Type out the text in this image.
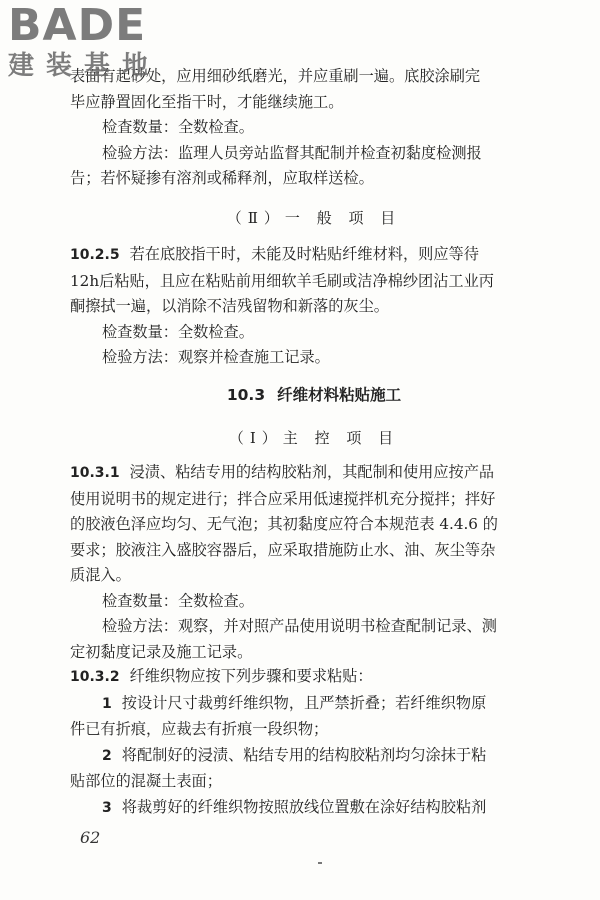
BADE
建装基地

表面有起砂处，应用细砂纸磨光，并应重刷一遍。底胶涂刷完

毕应静置固化至指干时，才能继续施工。

检査数量：全数检查。

检验方法：监理人员旁站监督其配制并检查初黏度检测报

告；若怀疑掺有溶剂或稀释剂，应取样送检。

（Ⅱ）一 般 项 目

10.2.5 若在底胶指干时，未能及时粘贴纤维材料，则应等待

12h后粘贴，且应在粘贴前用细软羊毛刷或洁净棉纱团沾工业丙

酮擦拭一遍，以消除不洁残留物和新落的灰尘。

检查数量：全数检查。

检验方法：观察并检查施工记录。

10.3 纤维材料粘贴施工
（Ⅰ）主 控 项 目

10.3.1 浸渍、粘结专用的结构胶粘剂，其配制和使用应按产品

使用说明书的规定进行；拌合应采用低速搅拌机充分搅拌；拌好

的胶液色泽应均匀、无气泡；其初黏度应符合本规范表 4.4.6 的

要求；胶液注入盛胶容器后，应采取措施防止水、油、灰尘等杂

质混入。

检查数量：全数检查。

检验方法：观察，并对照产品使用说明书检查配制记录、测

定初黏度记录及施工记录。

10.3.2 纤维织物应按下列步骤和要求粘贴：

1 按设计尺寸裁剪纤维织物，且严禁折叠；若纤维织物原

件已有折痕，应裁去有折痕一段织物；

2 将配制好的浸渍、粘结专用的结构胶粘剂均匀涂抹于粘

贴部位的混凝土表面；

3 将裁剪好的纤维织物按照放线位置敷在涂好结构胶粘剂

62
